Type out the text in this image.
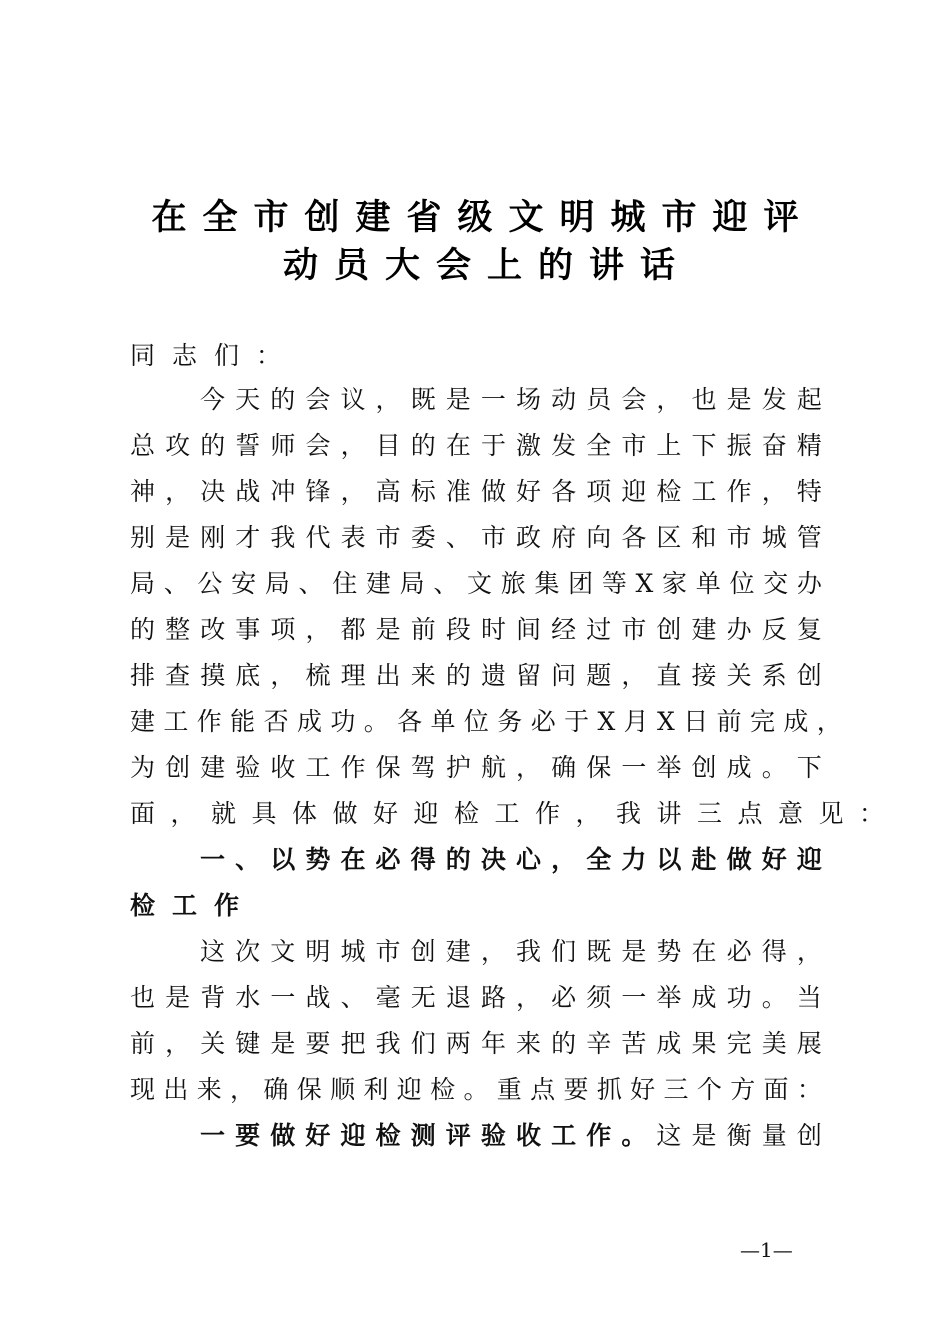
在全市创建省级文明城市迎评
动员大会上的讲话
同志们：
今 天 的 会 议 ， 既 是 一 场 动 员 会 ， 也 是 发 起
总 攻 的 誓 师 会 ， 目 的 在 于 激 发 全 市 上 下 振 奋 精
神 ， 决 战 冲 锋 ， 高 标 准 做 好 各 项 迎 检 工 作 ， 特
别 是 刚 才 我 代 表 市 委 、 市 政 府 向 各 区 和 市 城 管
局 、 公 安 局 、 住 建 局 、 文 旅 集 团 等 X 家 单 位 交 办
的 整 改 事 项 ， 都 是 前 段 时 间 经 过 市 创 建 办 反 复
排 查 摸 底 ， 梳 理 出 来 的 遗 留 问 题 ， 直 接 关 系 创
建 工 作 能 否 成 功 。 各 单 位 务 必 于 X 月 X 日 前 完 成 ，
为 创 建 验 收 工 作 保 驾 护 航 ， 确 保 一 举 创 成 。 下
面，就具体做好迎检工作，我讲三点意见：
一 、 以 势 在 必 得 的 决 心 ， 全 力 以 赴 做 好 迎
检工作
这 次 文 明 城 市 创 建 ， 我 们 既 是 势 在 必 得 ，
也 是 背 水 一 战 、 毫 无 退 路 ， 必 须 一 举 成 功 。 当
前 ， 关 键 是 要 把 我 们 两 年 来 的 辛 苦 成 果 完 美 展
现 出 来 ， 确 保 顺 利 迎 检 。 重 点 要 抓 好 三 个 方 面 ：
一 要 做 好 迎 检 测 评 验 收 工 作 。 这 是 衡 量 创
—1—
